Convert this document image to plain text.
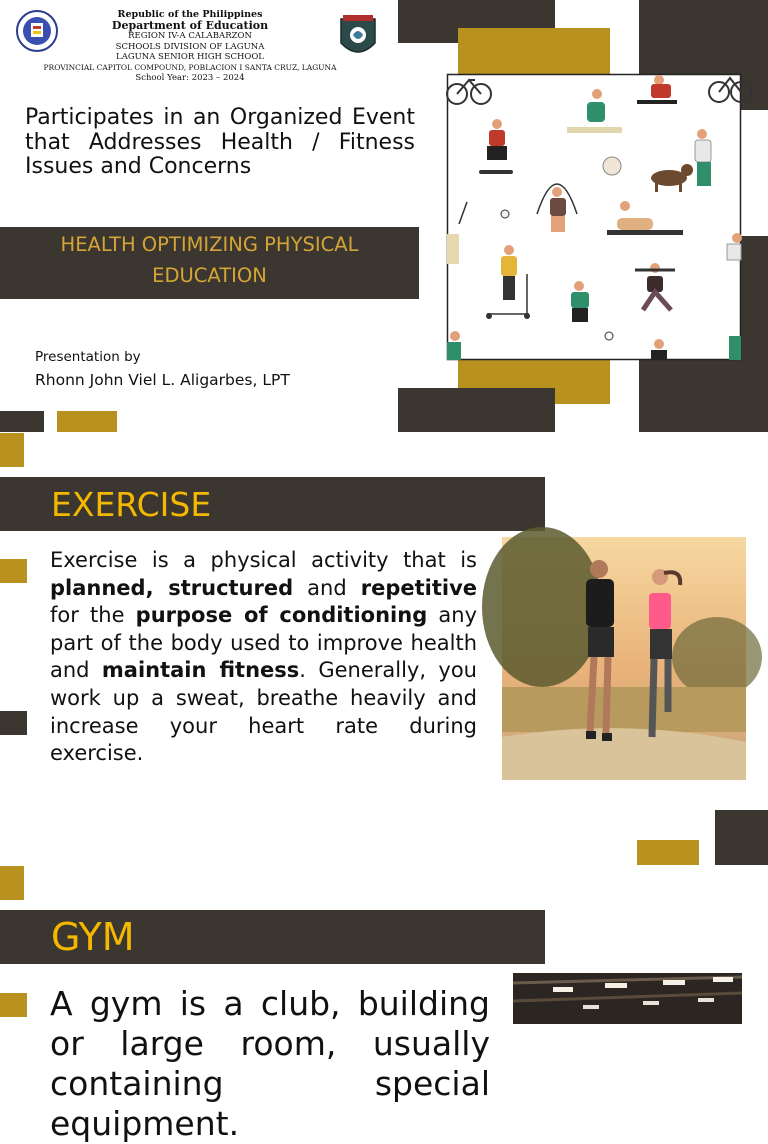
Republic of the Philippines
Department of Education
REGION IV-A CALABARZON
SCHOOLS DIVISION OF LAGUNA
LAGUNA SENIOR HIGH SCHOOL
PROVINCIAL CAPITOL COMPOUND, POBLACION I SANTA CRUZ, LAGUNA
School Year: 2023 – 2024
Participates in an Organized Event that Addresses Health / Fitness Issues and Concerns
HEALTH OPTIMIZING PHYSICAL
EDUCATION
Presentation by
Rhonn John Viel L. Aligarbes, LPT
EXERCISE
Exercise is a physical activity that is planned, structured and repetitive for the purpose of conditioning any part of the body used to improve health and maintain fitness. Generally, you work up a sweat, breathe heavily and increase your heart rate during exercise.
GYM
A gym is a club, building or large room, usually containing special equipment.
